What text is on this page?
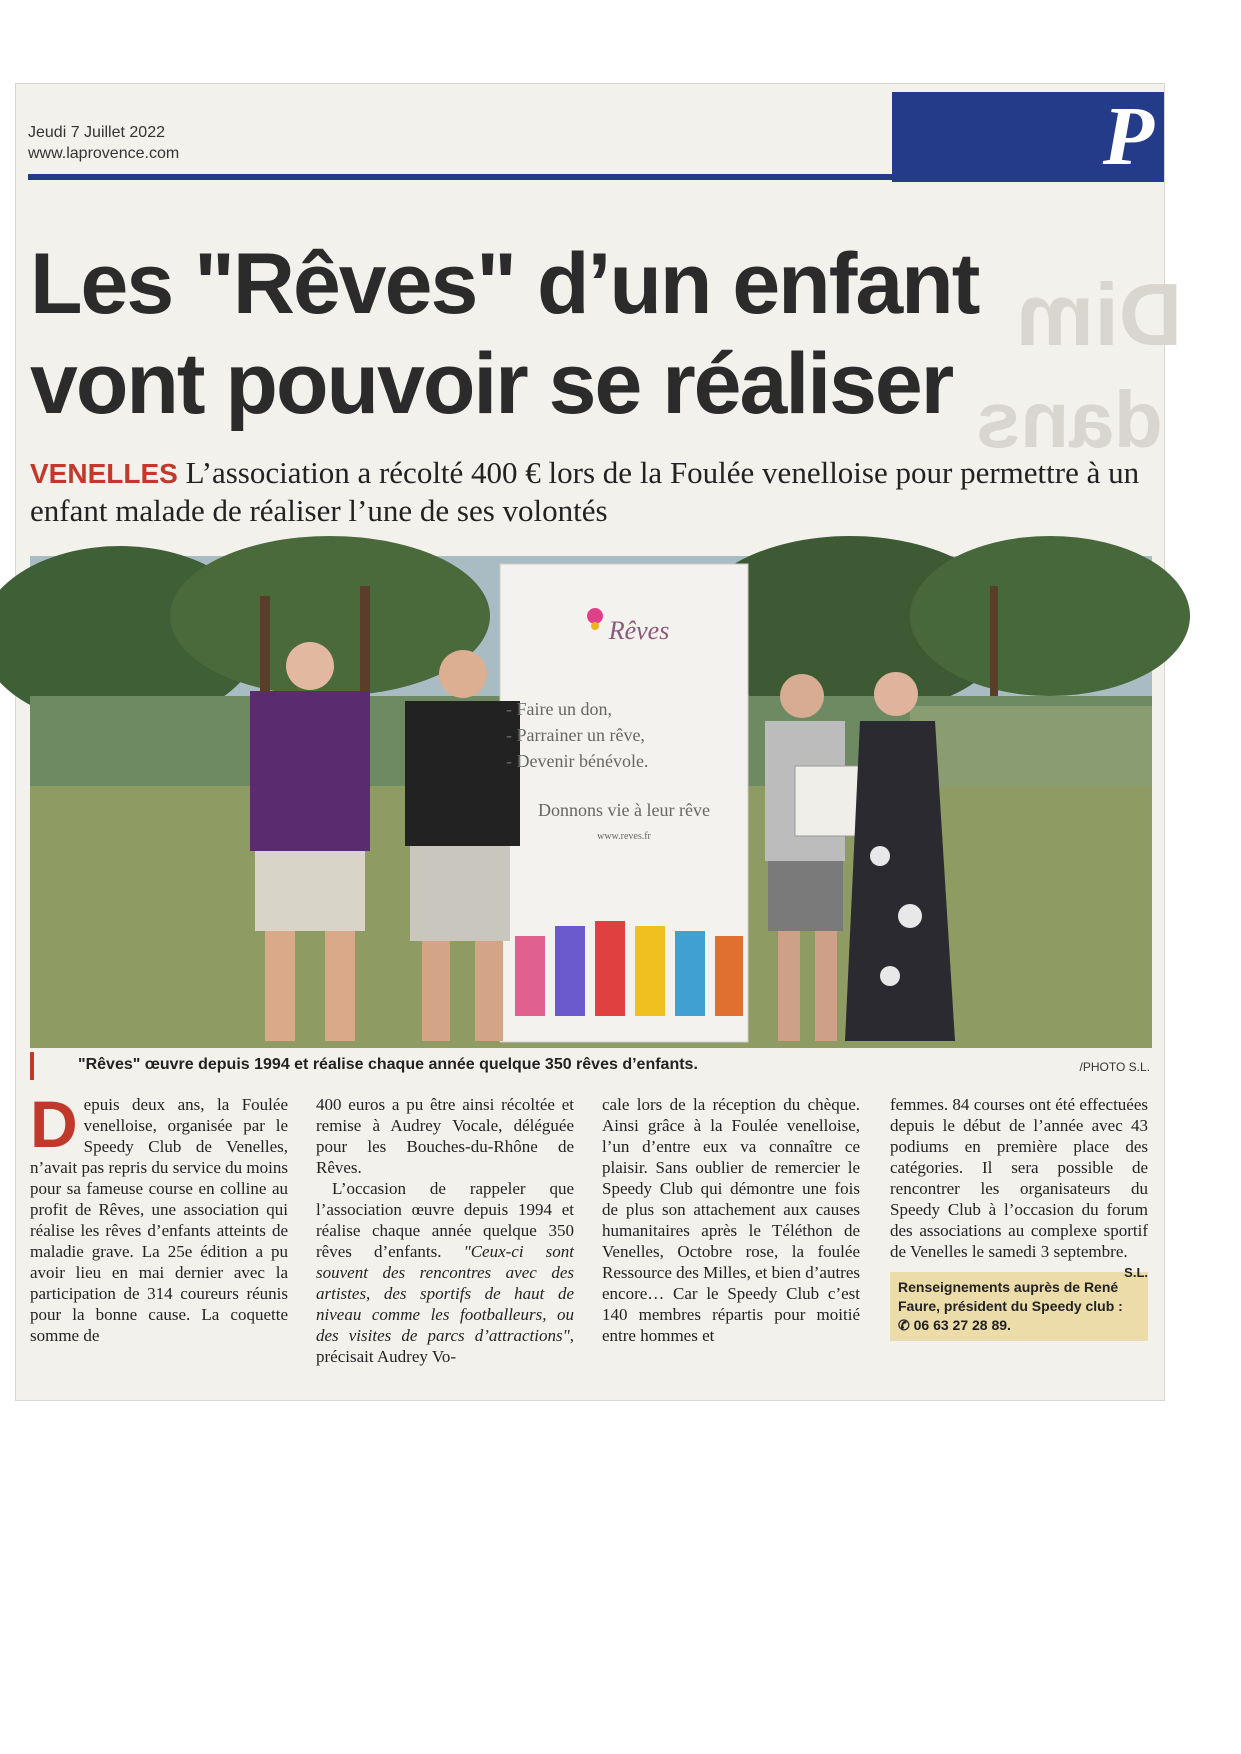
Jeudi 7 Juillet 2022
www.laprovence.com	P
Dim
dans
Les "Rêves" d’un enfant
vont pouvoir se réaliser
VENELLES L’association a récolté 400 € lors de la Foulée venelloise pour permettre à un enfant malade de réaliser l’une de ses volontés
Rêves
- Faire un don,
- Parrainer un rêve,
- Devenir bénévole.
Donnons vie à leur rêve
www.reves.fr
"Rêves" œuvre depuis 1994 et réalise chaque année quelque 350 rêves d’enfants.	/PHOTO S.L.

Depuis deux ans, la Foulée venelloise, organisée par le Speedy Club de Venelles, n’avait pas repris du service du moins pour sa fameuse course en colline au profit de Rêves, une association qui réalise les rêves d’enfants atteints de maladie grave. La 25e édition a pu avoir lieu en mai dernier avec la participation de 314 coureurs réunis pour la bonne cause. La coquette somme de

400 euros a pu être ainsi récoltée et remise à Audrey Vocale, déléguée pour les Bouches-du-Rhône de Rêves.

L’occasion de rappeler que l’association œuvre depuis 1994 et réalise chaque année quelque 350 rêves d’enfants. "Ceux-ci sont souvent des rencontres avec des artistes, des sportifs de haut de niveau comme les footballeurs, ou des visites de parcs d’attractions", précisait Audrey Vo-

cale lors de la réception du chèque. Ainsi grâce à la Foulée venelloise, l’un d’entre eux va connaître ce plaisir. Sans oublier de remercier le Speedy Club qui démontre une fois de plus son attachement aux causes humanitaires après le Téléthon de Venelles, Octobre rose, la foulée Ressource des Milles, et bien d’autres encore… Car le Speedy Club c’est 140 membres répartis pour moitié entre hommes et

femmes. 84 courses ont été effectuées depuis le début de l’année avec 43 podiums en première place des catégories. Il sera possible de rencontrer les organisateurs du Speedy Club à l’occasion du forum des associations au complexe sportif de Venelles le samedi 3 septembre.
S.L.

Renseignements auprès de René Faure, président du Speedy club :
✆ 06 63 27 28 89.
